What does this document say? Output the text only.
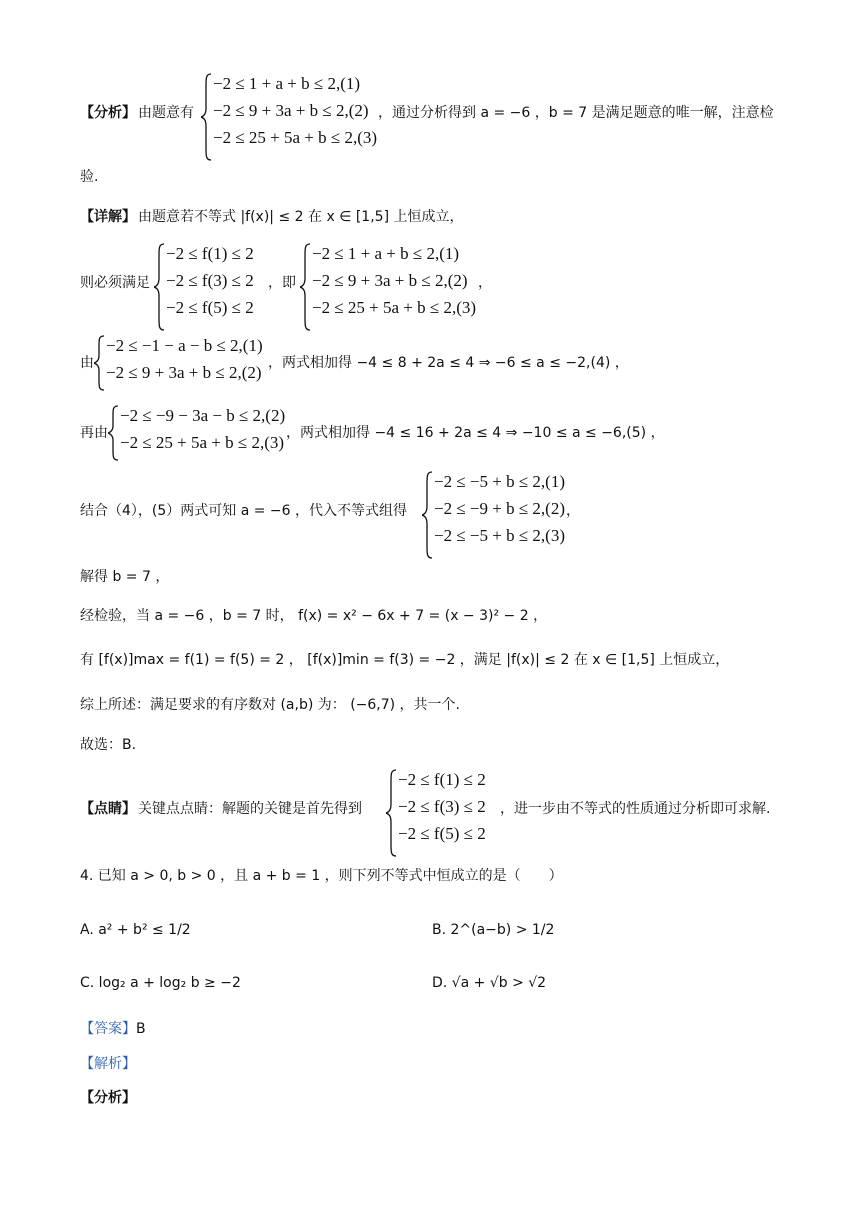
【分析】 由题意有
−2 ≤ 1 + a + b ≤ 2,(1)
−2 ≤ 9 + 3a + b ≤ 2,(2)
−2 ≤ 25 + 5a + b ≤ 2,(3)
，通过分析得到 a = −6 ，b = 7 是满足题意的唯一解，注意检
验.
【详解】 由题意若不等式 |f(x)| ≤ 2 在 x ∈ [1,5] 上恒成立，
则必须满足
−2 ≤ f(1) ≤ 2
−2 ≤ f(3) ≤ 2
−2 ≤ f(5) ≤ 2
，即
−2 ≤ 1 + a + b ≤ 2,(1)
−2 ≤ 9 + 3a + b ≤ 2,(2)
−2 ≤ 25 + 5a + b ≤ 2,(3)
，
由
−2 ≤ −1 − a − b ≤ 2,(1)
−2 ≤ 9 + 3a + b ≤ 2,(2) ，两式相加得 −4 ≤ 8 + 2a ≤ 4 ⇒ −6 ≤ a ≤ −2,(4) ，
再由
−2 ≤ −9 − 3a − b ≤ 2,(2)
−2 ≤ 25 + 5a + b ≤ 2,(3) ，两式相加得 −4 ≤ 16 + 2a ≤ 4 ⇒ −10 ≤ a ≤ −6,(5) ，
结合（4），(5）两式可知 a = −6 ，代入不等式组得
−2 ≤ −5 + b ≤ 2,(1)
−2 ≤ −9 + b ≤ 2,(2)
−2 ≤ −5 + b ≤ 2,(3)
，
解得 b = 7 ，
经检验，当 a = −6 ，b = 7 时， f(x) = x² − 6x + 7 = (x − 3)² − 2 ，
有 [f(x)]max = f(1) = f(5) = 2 ， [f(x)]min = f(3) = −2 ，满足 |f(x)| ≤ 2 在 x ∈ [1,5] 上恒成立，
综上所述：满足要求的有序数对 (a,b) 为： (−6,7) ，共一个.
故选：B.
【点睛】 关键点点睛：解题的关键是首先得到
−2 ≤ f(1) ≤ 2
−2 ≤ f(3) ≤ 2
−2 ≤ f(5) ≤ 2
，进一步由不等式的性质通过分析即可求解.
4. 已知 a > 0, b > 0 ，且 a + b = 1 ，则下列不等式中恒成立的是（　　）
A. a² + b² ≤ 1/2	B. 2^(a−b) > 1/2
C. log₂ a + log₂ b ≥ −2	D. √a + √b > √2
【答案】B
【解析】
【分析】
